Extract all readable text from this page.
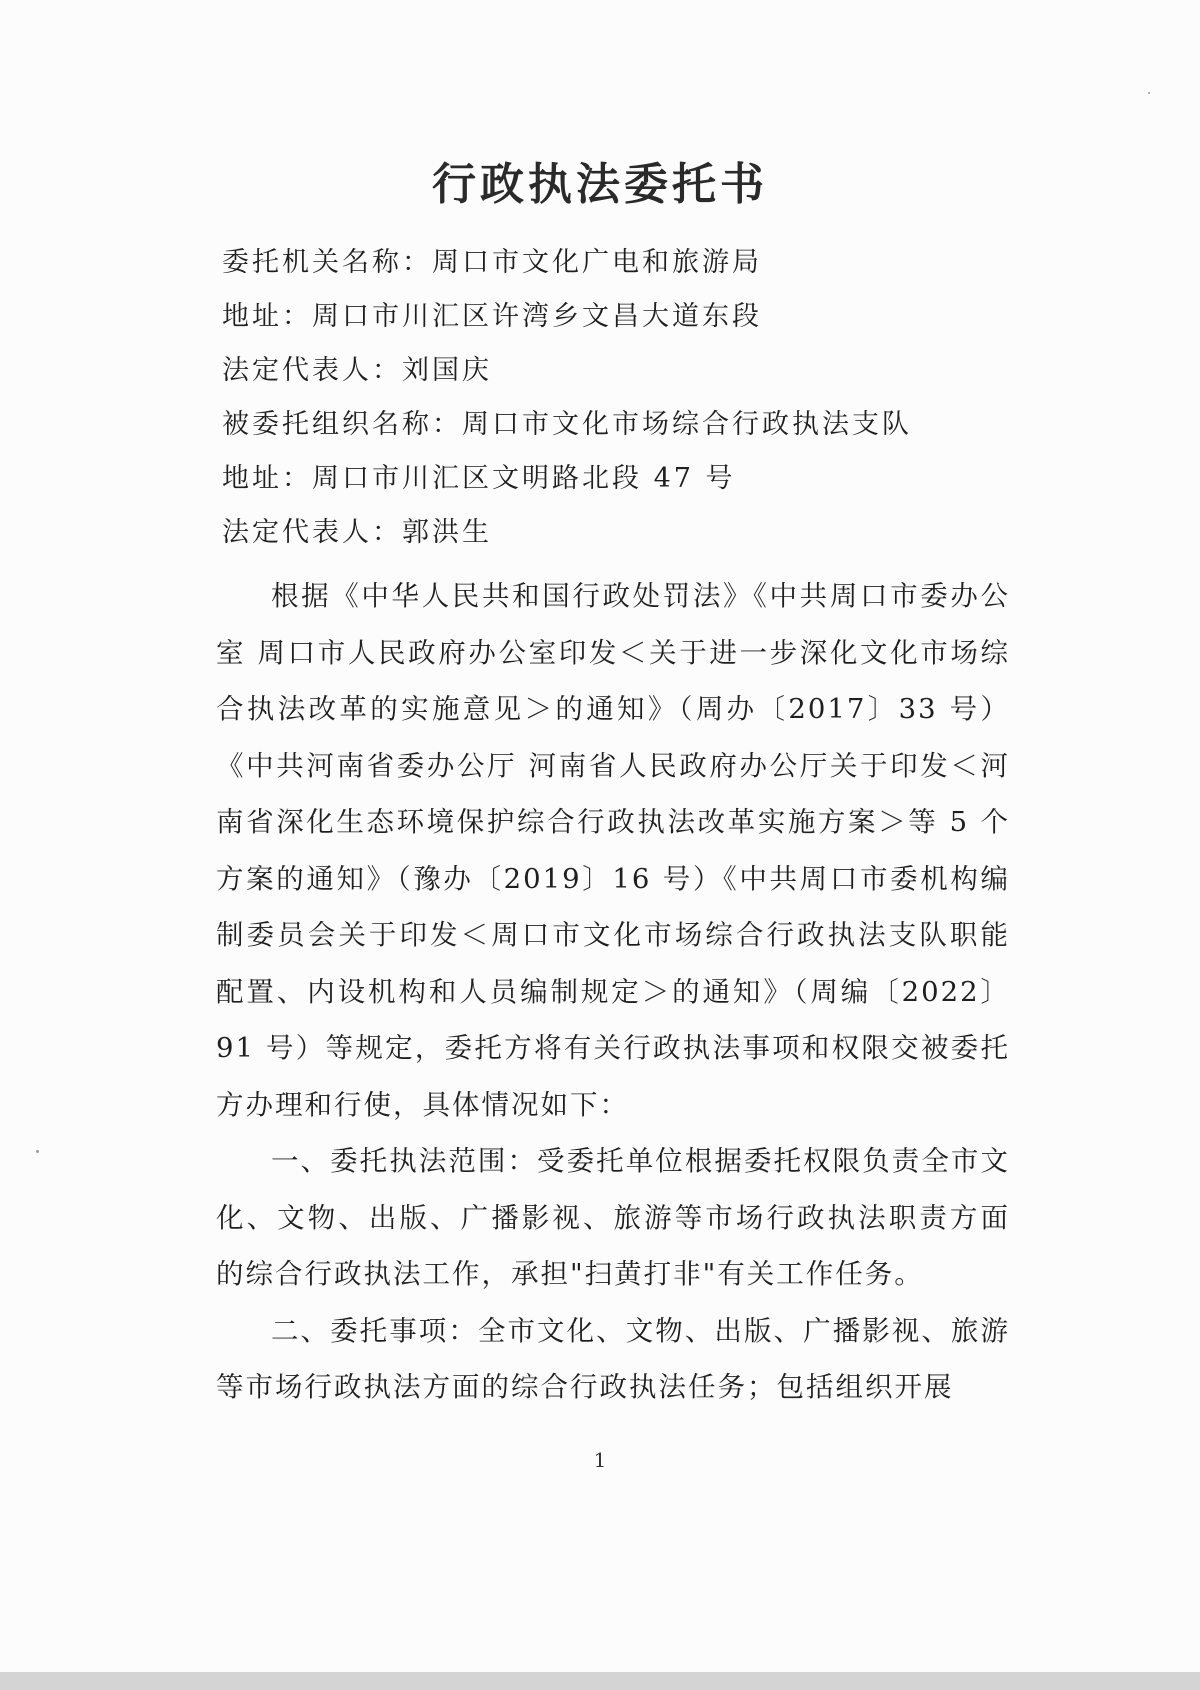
行政执法委托书
委托机关名称：周口市文化广电和旅游局
地址：周口市川汇区许湾乡文昌大道东段
法定代表人：刘国庆
被委托组织名称：周口市文化市场综合行政执法支队
地址：周口市川汇区文明路北段 47 号
法定代表人：郭洪生

根据《中华人民共和国行政处罚法》《中共周口市委办公室 周口市人民政府办公室印发＜关于进一步深化文化市场综合执法改革的实施意见＞的通知》（周办〔2017〕33 号）《中共河南省委办公厅 河南省人民政府办公厅关于印发＜河南省深化生态环境保护综合行政执法改革实施方案＞等 5 个方案的通知》（豫办〔2019〕16 号）《中共周口市委机构编制委员会关于印发＜周口市文化市场综合行政执法支队职能配置、内设机构和人员编制规定＞的通知》（周编〔2022〕91 号）等规定，委托方将有关行政执法事项和权限交被委托方办理和行使，具体情况如下：

一、委托执法范围：受委托单位根据委托权限负责全市文化、文物、出版、广播影视、旅游等市场行政执法职责方面的综合行政执法工作，承担"扫黄打非"有关工作任务。

二、委托事项：全市文化、文物、出版、广播影视、旅游等市场行政执法方面的综合行政执法任务；包括组织开展

1
